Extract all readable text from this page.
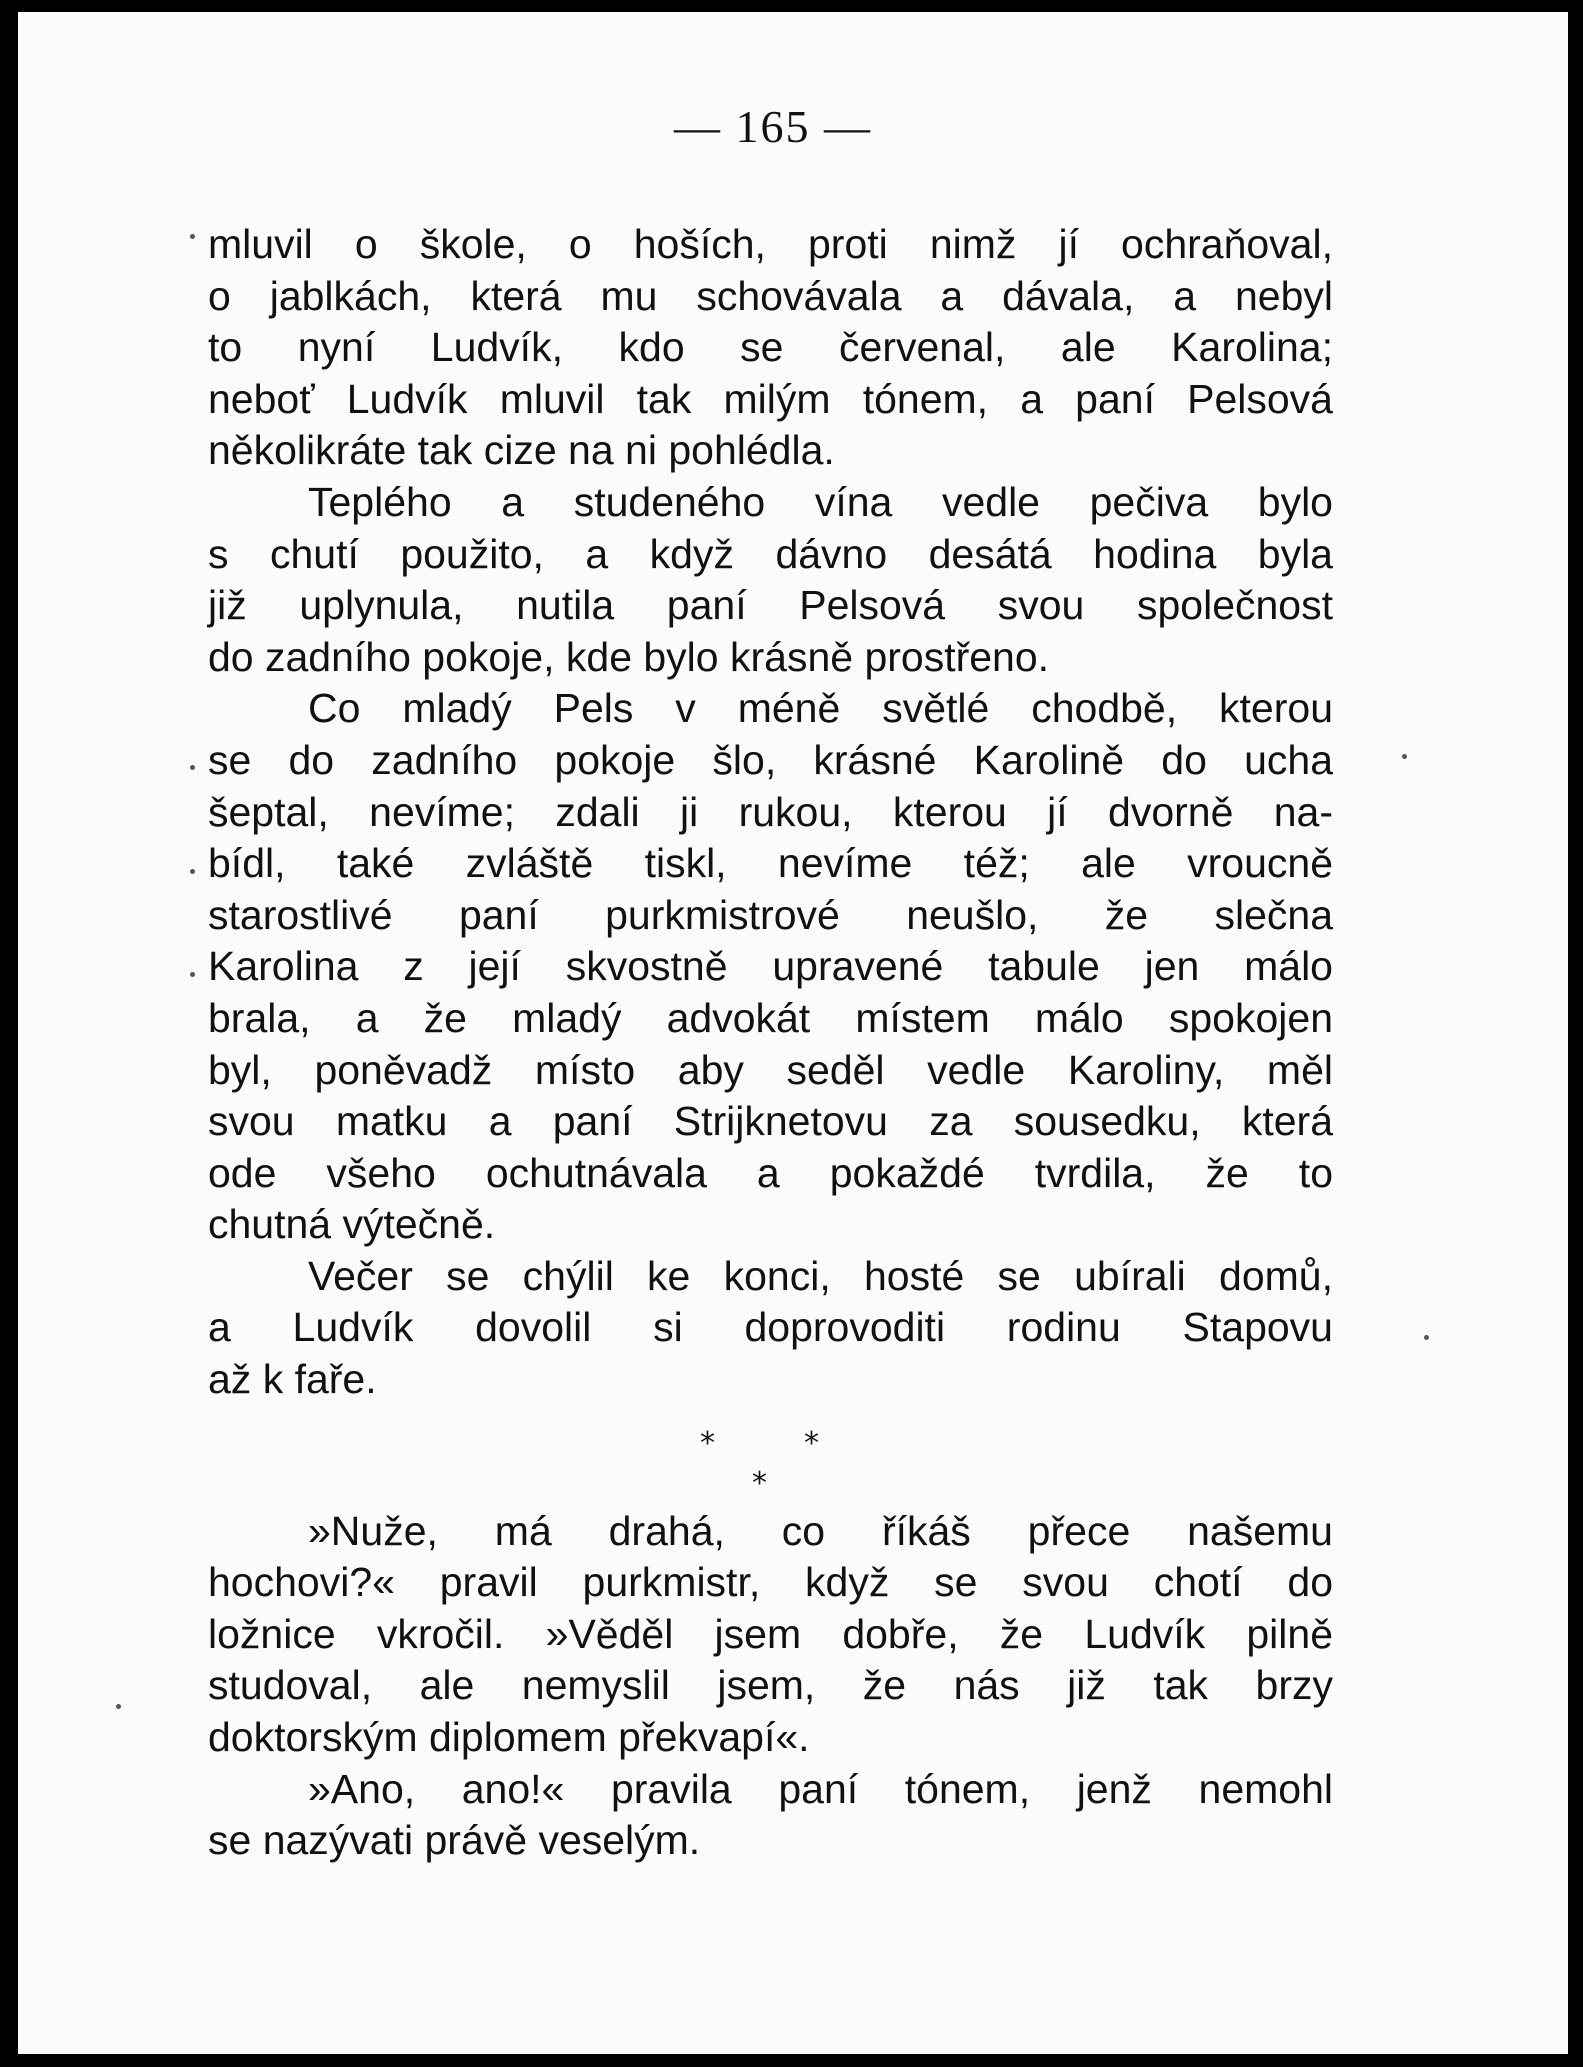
— 165 —

mluvil o škole, o hoších, proti nimž jí ochraňoval,
o jablkách, která mu schovávala a dávala, a nebyl
to nyní Ludvík, kdo se červenal, ale Karolina;
neboť Ludvík mluvil tak milým tónem, a paní Pelsová
několikráte tak cize na ni pohlédla.

Teplého a studeného vína vedle pečiva bylo
s chutí použito, a když dávno desátá hodina byla
již uplynula, nutila paní Pelsová svou společnost
do zadního pokoje, kde bylo krásně prostřeno.

Co mladý Pels v méně světlé chodbě, kterou
se do zadního pokoje šlo, krásné Karolině do ucha
šeptal, nevíme; zdali ji rukou, kterou jí dvorně na-
bídl, také zvláště tiskl, nevíme též; ale vroucně
starostlivé paní purkmistrové neušlo, že slečna
Karolina z její skvostně upravené tabule jen málo
brala, a že mladý advokát místem málo spokojen
byl, poněvadž místo aby seděl vedle Karoliny, měl
svou matku a paní Strijknetovu za sousedku, která
ode všeho ochutnávala a pokaždé tvrdila, že to
chutná výtečně.

Večer se chýlil ke konci, hosté se ubírali domů,
a Ludvík dovolil si doprovoditi rodinu Stapovu
až k faře.

*	*
*

»Nuže, má drahá, co říkáš přece našemu
hochovi?« pravil purkmistr, když se svou chotí do
ložnice vkročil. »Věděl jsem dobře, že Ludvík pilně
studoval, ale nemyslil jsem, že nás již tak brzy
doktorským diplomem překvapí«.

»Ano, ano!« pravila paní tónem, jenž nemohl
se nazývati právě veselým.
